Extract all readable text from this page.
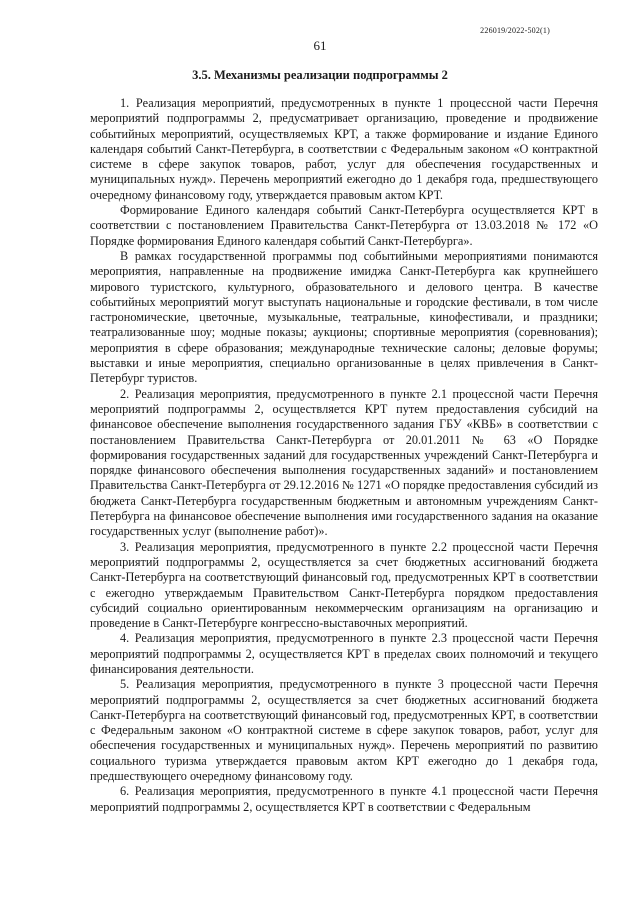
226019/2022-502(1)
61
3.5. Механизмы реализации подпрограммы 2

1. Реализация мероприятий, предусмотренных в пункте 1 процессной части Перечня мероприятий подпрограммы 2, предусматривает организацию, проведение и продвижение событийных мероприятий, осуществляемых КРТ, а также формирование и издание Единого календаря событий Санкт-Петербурга, в соответствии с Федеральным законом «О контрактной системе в сфере закупок товаров, работ, услуг для обеспечения государственных и муниципальных нужд». Перечень мероприятий ежегодно до 1 декабря года, предшествующего очередному финансовому году, утверждается правовым актом КРТ.

Формирование Единого календаря событий Санкт-Петербурга осуществляется КРТ в соответствии с постановлением Правительства Санкт-Петербурга от 13.03.2018 № 172 «О Порядке формирования Единого календаря событий Санкт-Петербурга».

В рамках государственной программы под событийными мероприятиями понимаются мероприятия, направленные на продвижение имиджа Санкт-Петербурга как крупнейшего мирового туристского, культурного, образовательного и делового центра. В качестве событийных мероприятий могут выступать национальные и городские фестивали, в том числе гастрономические, цветочные, музыкальные, театральные, кинофестивали, и праздники; театрализованные шоу; модные показы; аукционы; спортивные мероприятия (соревнования); мероприятия в сфере образования; международные технические салоны; деловые форумы; выставки и иные мероприятия, специально организованные в целях привлечения в Санкт-Петербург туристов.

2. Реализация мероприятия, предусмотренного в пункте 2.1 процессной части Перечня мероприятий подпрограммы 2, осуществляется КРТ путем предоставления субсидий на финансовое обеспечение выполнения государственного задания ГБУ «КВБ» в соответствии с постановлением Правительства Санкт-Петербурга от 20.01.2011 № 63 «О Порядке формирования государственных заданий для государственных учреждений Санкт-Петербурга и порядке финансового обеспечения выполнения государственных заданий» и постановлением Правительства Санкт-Петербурга от 29.12.2016 № 1271 «О порядке предоставления субсидий из бюджета Санкт-Петербурга государственным бюджетным и автономным учреждениям Санкт-Петербурга на финансовое обеспечение выполнения ими государственного задания на оказание государственных услуг (выполнение работ)».

3. Реализация мероприятия, предусмотренного в пункте 2.2 процессной части Перечня мероприятий подпрограммы 2, осуществляется за счет бюджетных ассигнований бюджета Санкт-Петербурга на соответствующий финансовый год, предусмотренных КРТ в соответствии с ежегодно утверждаемым Правительством Санкт-Петербурга порядком предоставления субсидий социально ориентированным некоммерческим организациям на организацию и проведение в Санкт-Петербурге конгрессно-выставочных мероприятий.

4. Реализация мероприятия, предусмотренного в пункте 2.3 процессной части Перечня мероприятий подпрограммы 2, осуществляется КРТ в пределах своих полномочий и текущего финансирования деятельности.

5. Реализация мероприятия, предусмотренного в пункте 3 процессной части Перечня мероприятий подпрограммы 2, осуществляется за счет бюджетных ассигнований бюджета Санкт-Петербурга на соответствующий финансовый год, предусмотренных КРТ, в соответствии с Федеральным законом «О контрактной системе в сфере закупок товаров, работ, услуг для обеспечения государственных и муниципальных нужд». Перечень мероприятий по развитию социального туризма утверждается правовым актом КРТ ежегодно до 1 декабря года, предшествующего очередному финансовому году.

6. Реализация мероприятия, предусмотренного в пункте 4.1 процессной части Перечня мероприятий подпрограммы 2, осуществляется КРТ в соответствии с Федеральным
